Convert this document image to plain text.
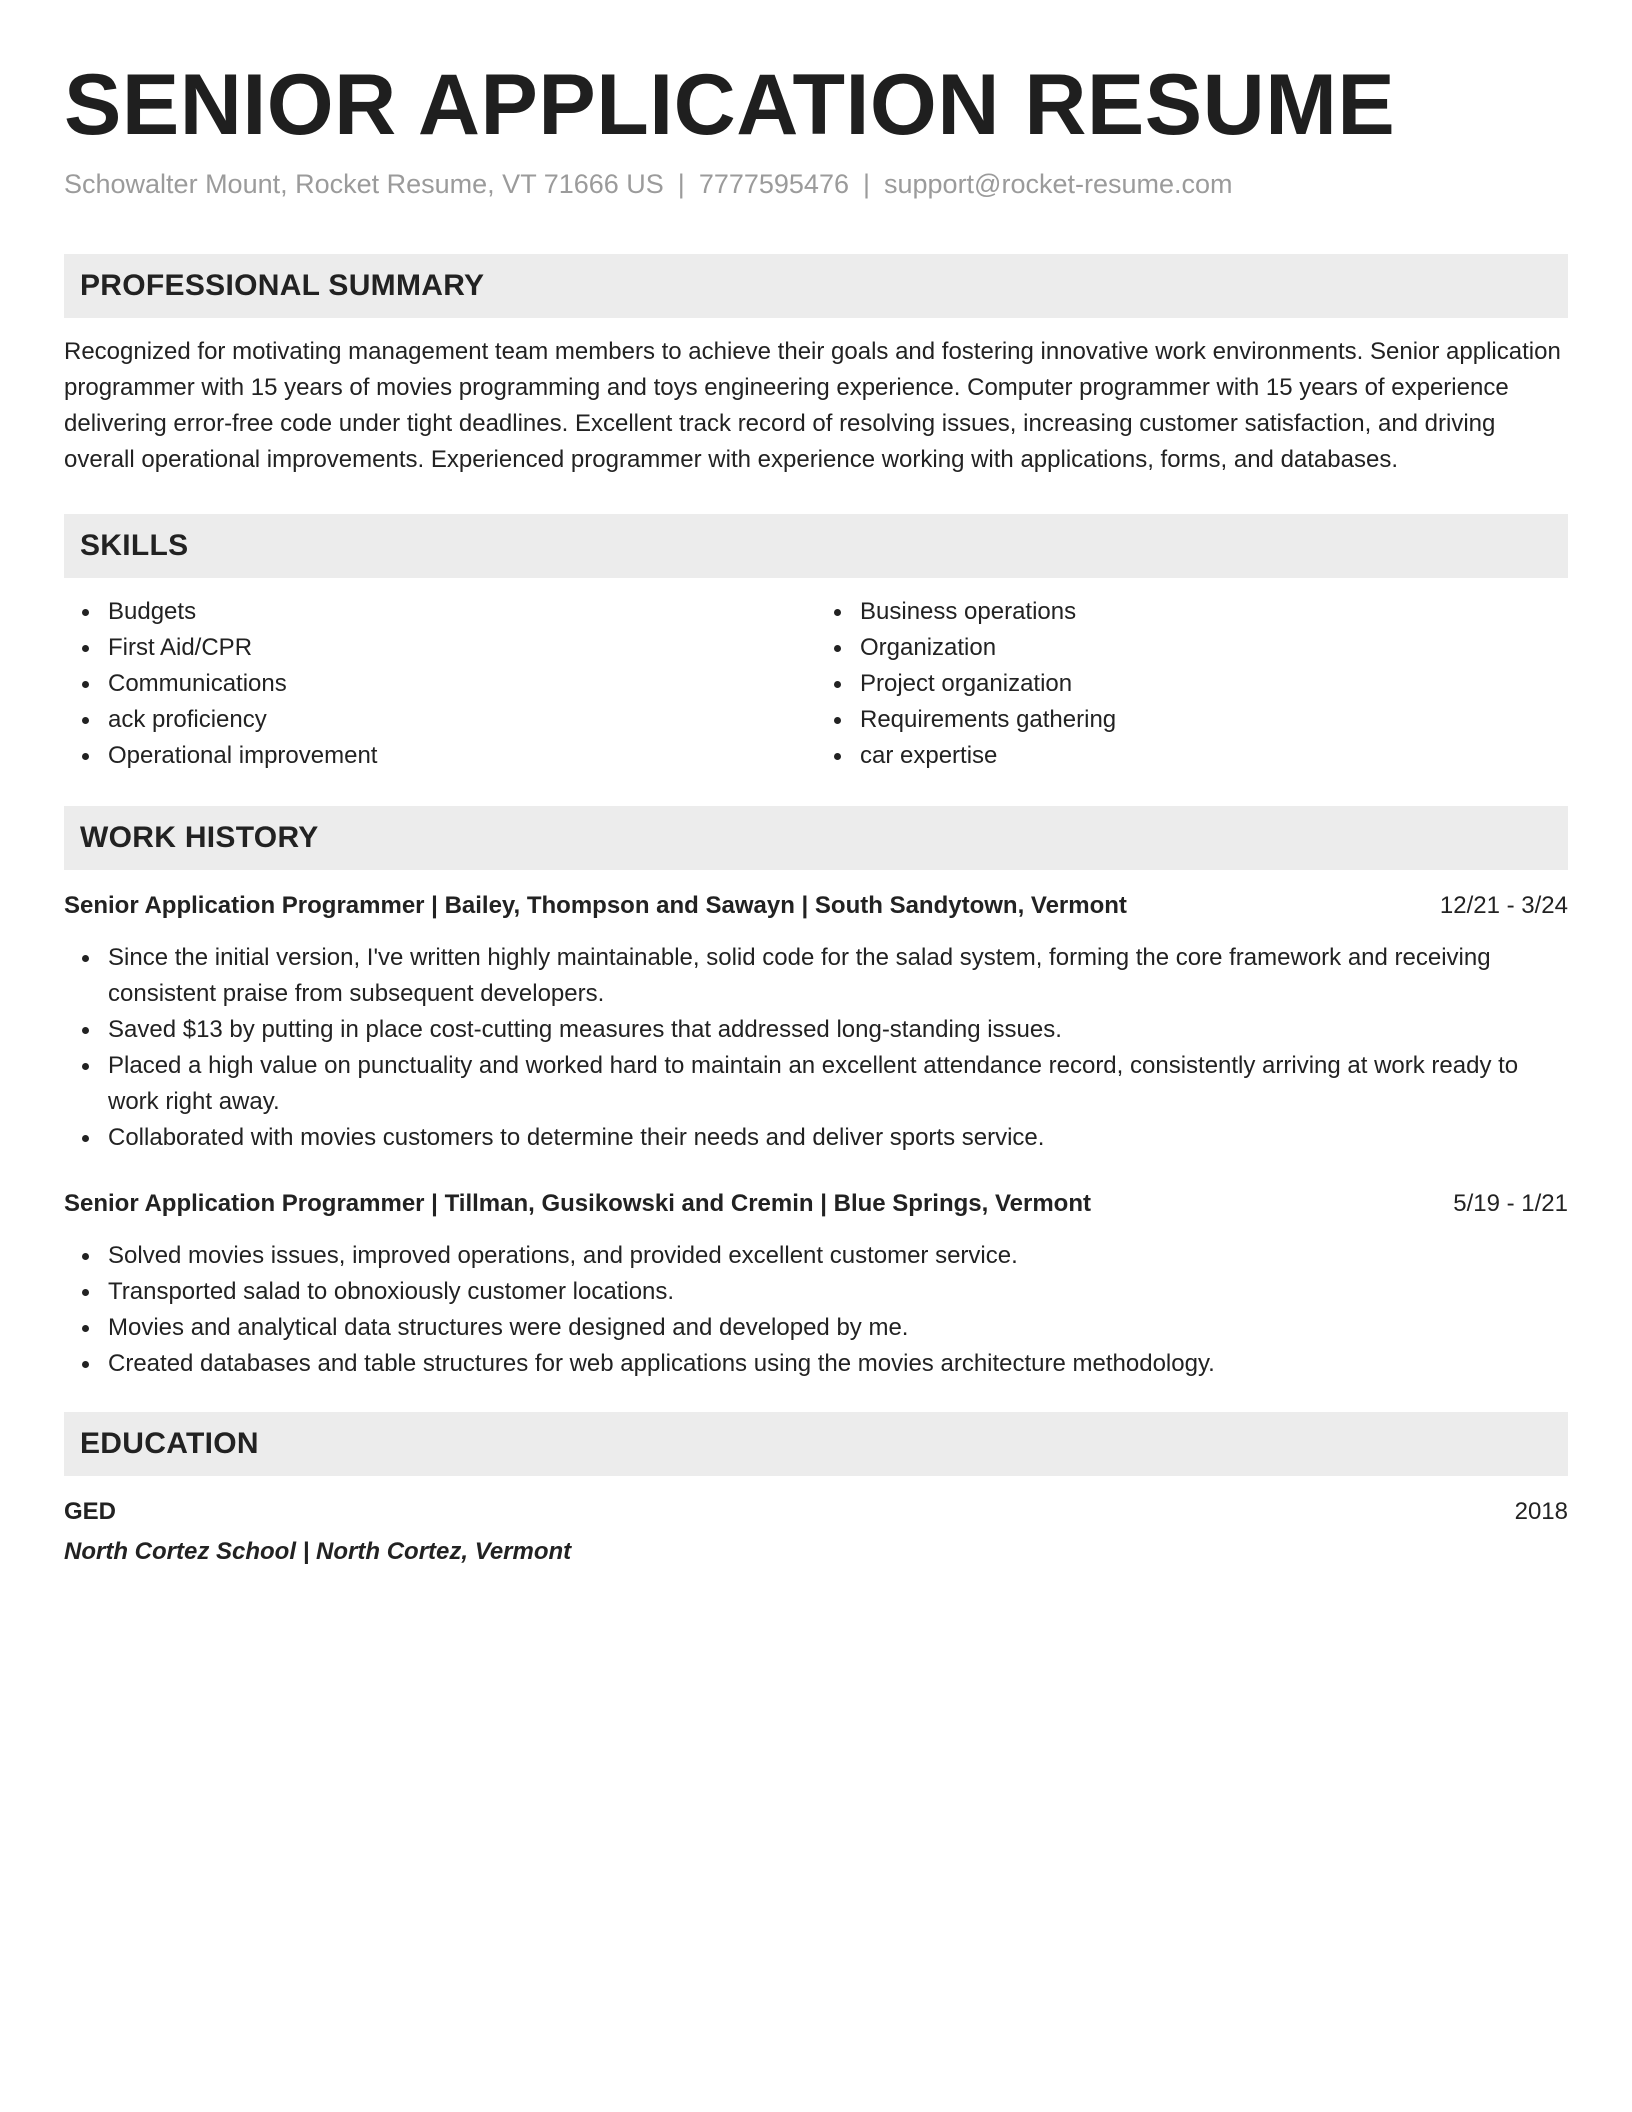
SENIOR APPLICATION RESUME
Schowalter Mount, Rocket Resume, VT 71666 US | 7777595476 | support@rocket-resume.com
PROFESSIONAL SUMMARY

Recognized for motivating management team members to achieve their goals and fostering innovative work environments. Senior application programmer with 15 years of movies programming and toys engineering experience. Computer programmer with 15 years of experience delivering error-free code under tight deadlines. Excellent track record of resolving issues, increasing customer satisfaction, and driving overall operational improvements. Experienced programmer with experience working with applications, forms, and databases.

SKILLS
Budgets
First Aid/CPR
Communications
ack proficiency
Operational improvement
Business operations
Organization
Project organization
Requirements gathering
car expertise
WORK HISTORY
Senior Application Programmer | Bailey, Thompson and Sawayn | South Sandytown, Vermont	12/21 - 3/24
Since the initial version, I've written highly maintainable, solid code for the salad system, forming the core framework and receiving consistent praise from subsequent developers.
Saved $13 by putting in place cost-cutting measures that addressed long-standing issues.
Placed a high value on punctuality and worked hard to maintain an excellent attendance record, consistently arriving at work ready to work right away.
Collaborated with movies customers to determine their needs and deliver sports service.
Senior Application Programmer | Tillman, Gusikowski and Cremin | Blue Springs, Vermont	5/19 - 1/21
Solved movies issues, improved operations, and provided excellent customer service.
Transported salad to obnoxiously customer locations.
Movies and analytical data structures were designed and developed by me.
Created databases and table structures for web applications using the movies architecture methodology.
EDUCATION
GED	2018
North Cortez School | North Cortez, Vermont
